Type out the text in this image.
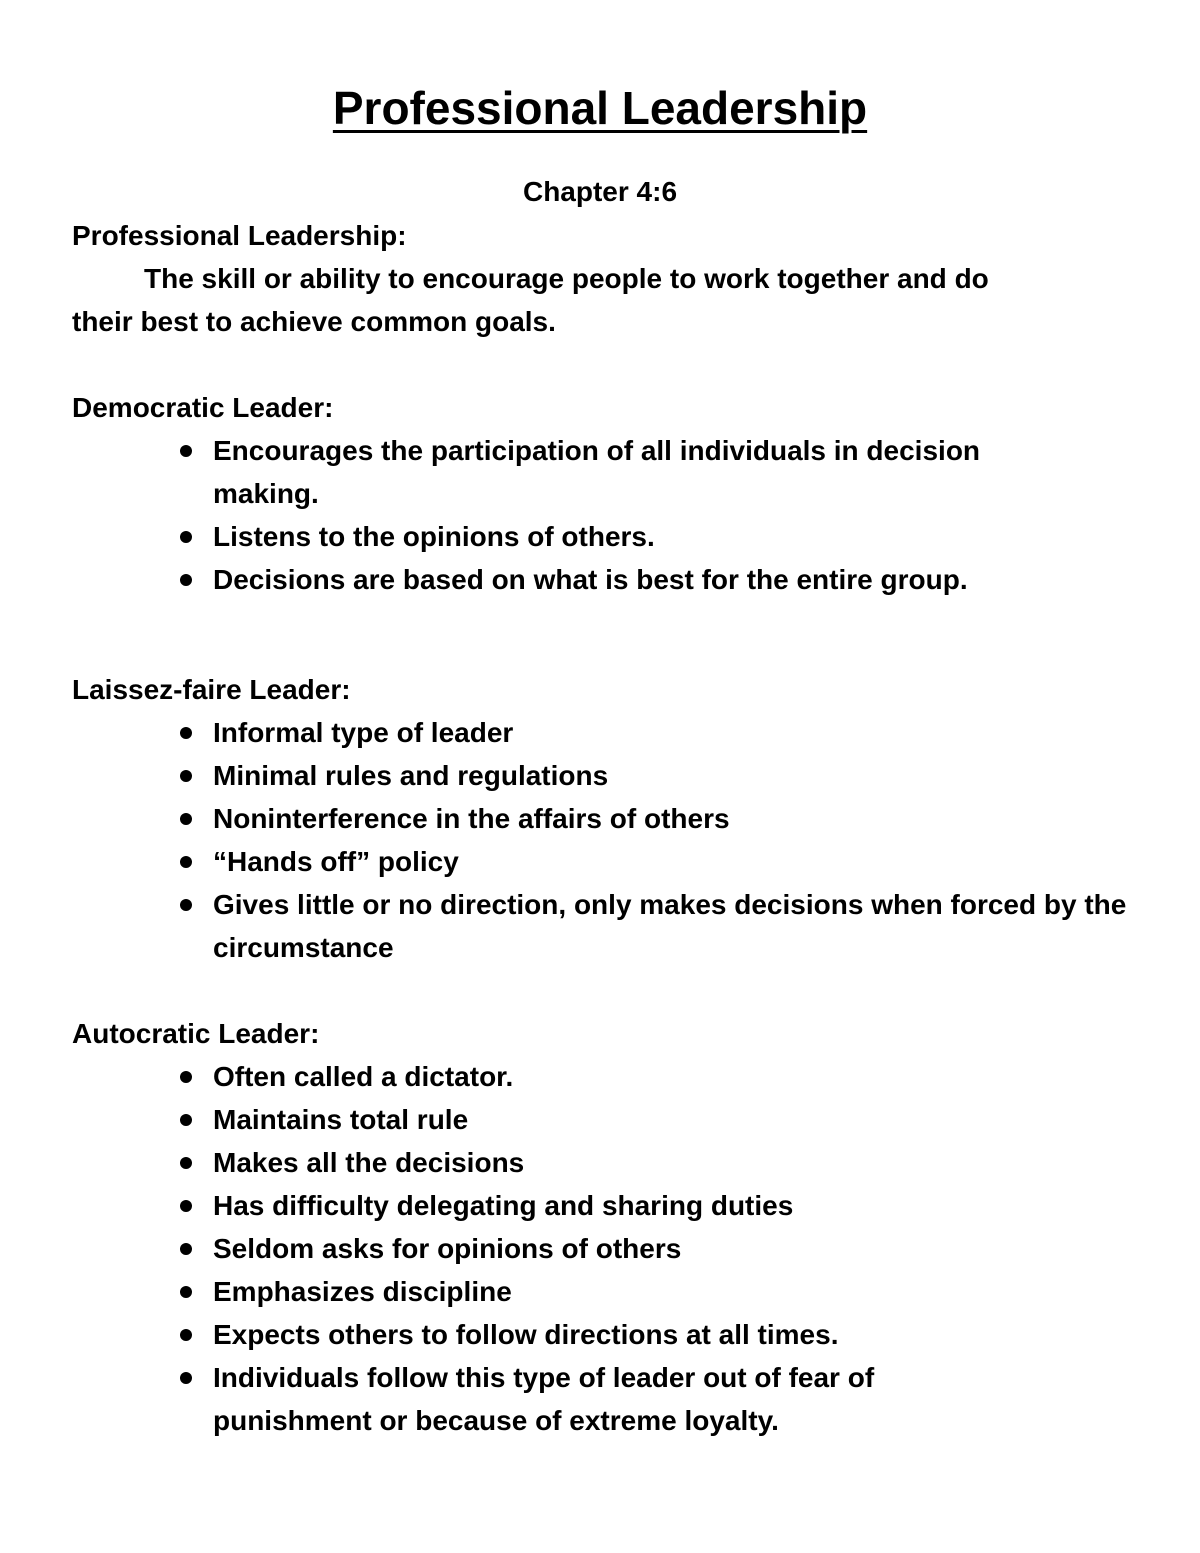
Professional Leadership
Chapter 4:6
Professional Leadership:
The skill or ability to encourage people to work together and do
their best to achieve common goals.
Democratic Leader:
Encourages the participation of all individuals in decision making.
Listens to the opinions of others.
Decisions are based on what is best for the entire group.
Laissez-faire Leader:
Informal type of leader
Minimal rules and regulations
Noninterference in the affairs of others
“Hands off” policy
Gives little or no direction, only makes decisions when forced by the circumstance
Autocratic Leader:
Often called a dictator.
Maintains total rule
Makes all the decisions
Has difficulty delegating and sharing duties
Seldom asks for opinions of others
Emphasizes discipline
Expects others to follow directions at all times.
Individuals follow this type of leader out of fear of punishment or because of extreme loyalty.
